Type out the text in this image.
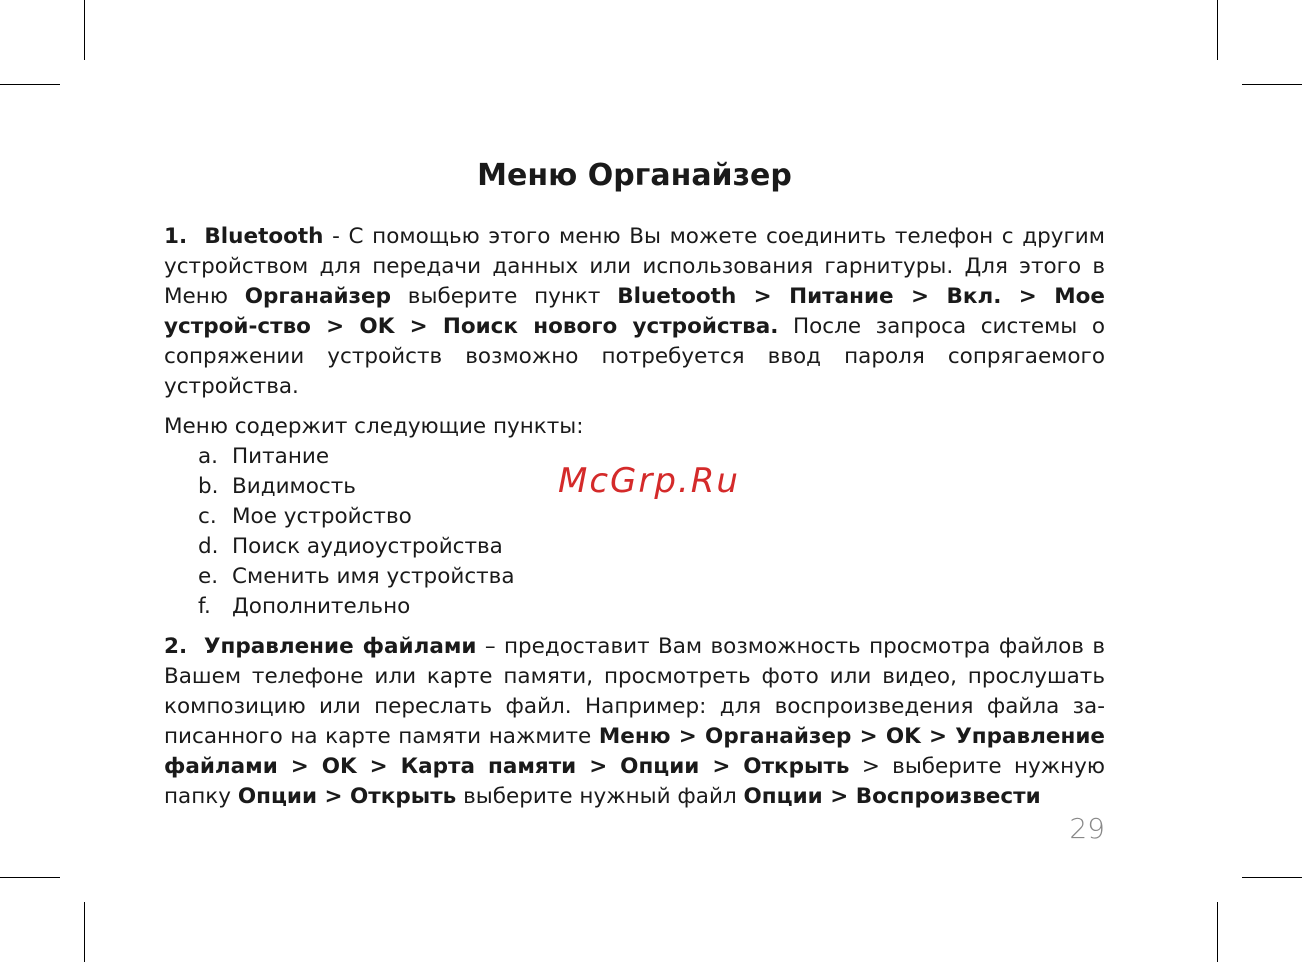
Меню Органайзер

1. Bluetooth - С помощью этого меню Вы можете соединить телефон с другим устройством для передачи данных или использования гарнитуры. Для этого в Меню Органайзер выберите пункт Bluetooth > Питание > Вкл. > Мое устрой-ство > OK > Поиск нового устройства. После запроса системы о сопряжении устройств возможно потребуется ввод пароля сопрягаемого устройства.

Меню содержит следующие пункты:

a. Питание
b. Видимость
c. Мое устройство
d. Поиск аудиоустройства
e. Сменить имя устройства
f. Дополнительно

2. Управление файлами – предоставит Вам возможность просмотра файлов в Вашем телефоне или карте памяти, просмотреть фото или видео, прослушать композицию или переслать файл. Например: для воспроизведения файла за-писанного на карте памяти нажмите Меню > Органайзер > OK > Управление файлами > OK > Карта памяти > Опции > Открыть > выберите нужную папку Опции > Открыть выберите нужный файл Опции > Воспроизвести

McGrp.Ru
29
